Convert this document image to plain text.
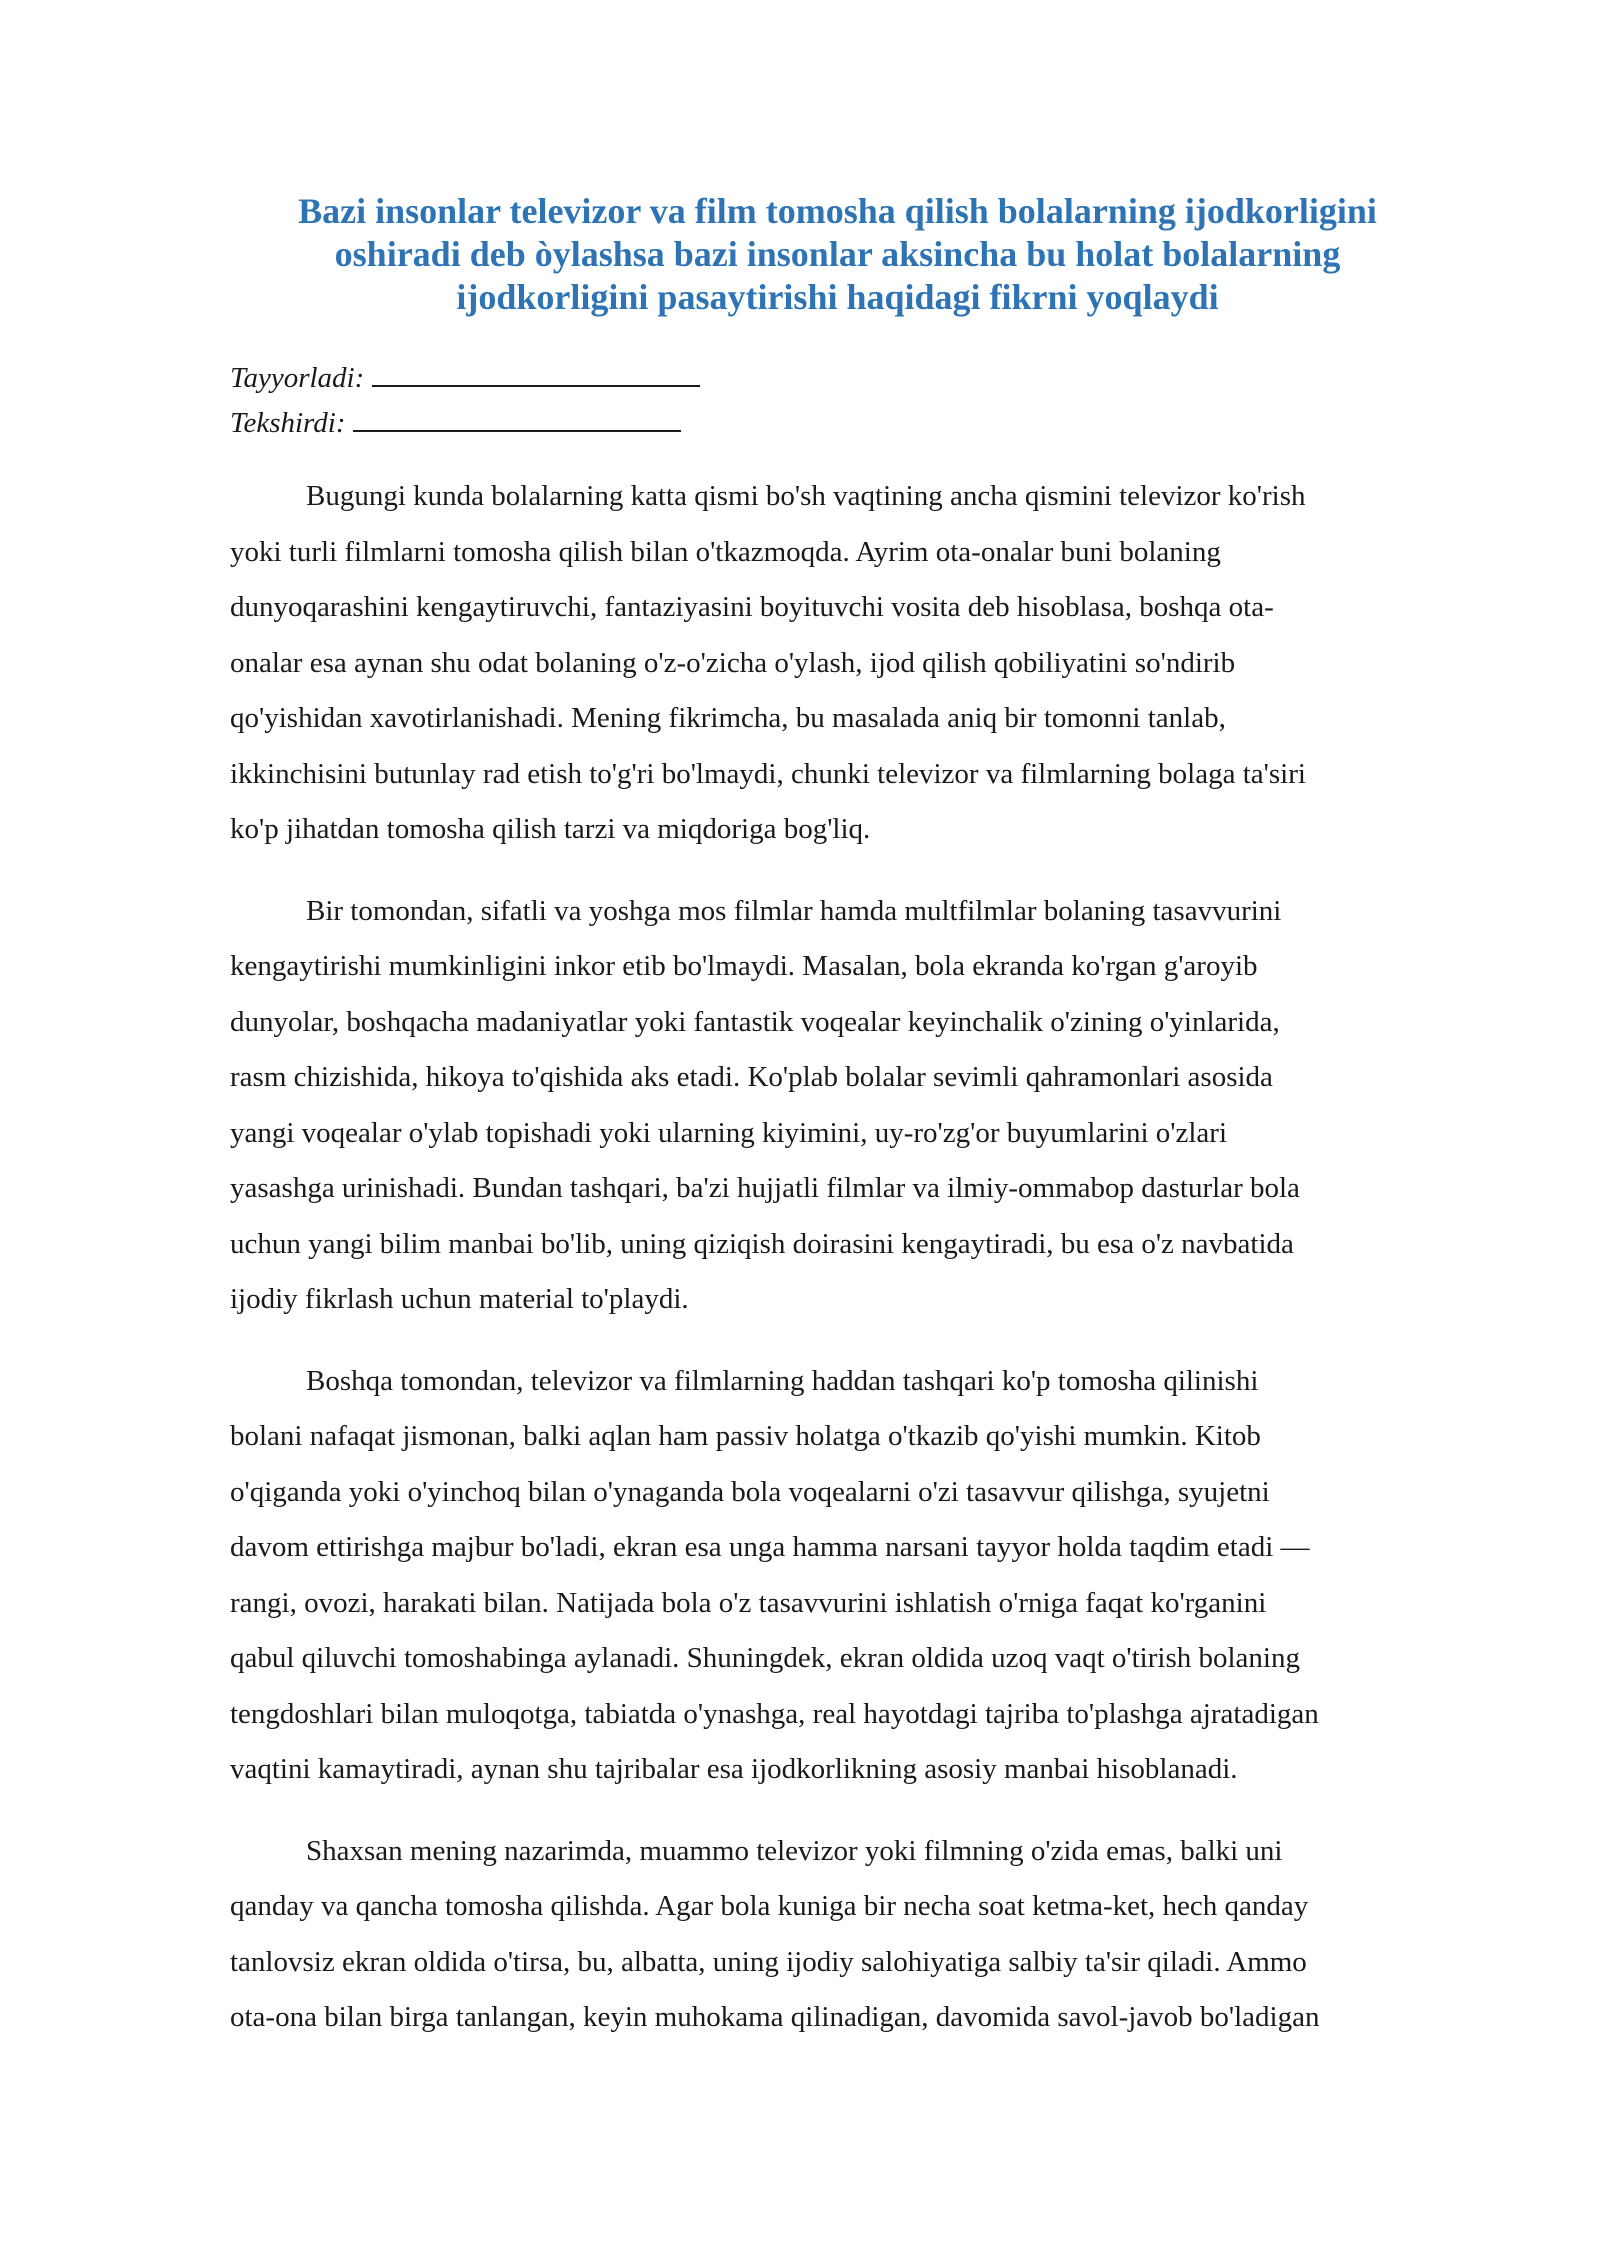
Bazi insonlar televizor va film tomosha qilish bolalarning ijodkorligini
oshiradi deb òylashsa bazi insonlar aksincha bu holat bolalarning
ijodkorligini pasaytirishi haqidagi fikrni yoqlaydi
Tayyorladi:
Tekshirdi:

Bugungi kunda bolalarning katta qismi bo'sh vaqtining ancha qismini televizor ko'rish
yoki turli filmlarni tomosha qilish bilan o'tkazmoqda. Ayrim ota-onalar buni bolaning
dunyoqarashini kengaytiruvchi, fantaziyasini boyituvchi vosita deb hisoblasa, boshqa ota-
onalar esa aynan shu odat bolaning o'z-o'zicha o'ylash, ijod qilish qobiliyatini so'ndirib
qo'yishidan xavotirlanishadi. Mening fikrimcha, bu masalada aniq bir tomonni tanlab,
ikkinchisini butunlay rad etish to'g'ri bo'lmaydi, chunki televizor va filmlarning bolaga ta'siri
ko'p jihatdan tomosha qilish tarzi va miqdoriga bog'liq.

Bir tomondan, sifatli va yoshga mos filmlar hamda multfilmlar bolaning tasavvurini
kengaytirishi mumkinligini inkor etib bo'lmaydi. Masalan, bola ekranda ko'rgan g'aroyib
dunyolar, boshqacha madaniyatlar yoki fantastik voqealar keyinchalik o'zining o'yinlarida,
rasm chizishida, hikoya to'qishida aks etadi. Ko'plab bolalar sevimli qahramonlari asosida
yangi voqealar o'ylab topishadi yoki ularning kiyimini, uy-ro'zg'or buyumlarini o'zlari
yasashga urinishadi. Bundan tashqari, ba'zi hujjatli filmlar va ilmiy-ommabop dasturlar bola
uchun yangi bilim manbai bo'lib, uning qiziqish doirasini kengaytiradi, bu esa o'z navbatida
ijodiy fikrlash uchun material to'playdi.

Boshqa tomondan, televizor va filmlarning haddan tashqari ko'p tomosha qilinishi
bolani nafaqat jismonan, balki aqlan ham passiv holatga o'tkazib qo'yishi mumkin. Kitob
o'qiganda yoki o'yinchoq bilan o'ynaganda bola voqealarni o'zi tasavvur qilishga, syujetni
davom ettirishga majbur bo'ladi, ekran esa unga hamma narsani tayyor holda taqdim etadi —
rangi, ovozi, harakati bilan. Natijada bola o'z tasavvurini ishlatish o'rniga faqat ko'rganini
qabul qiluvchi tomoshabinga aylanadi. Shuningdek, ekran oldida uzoq vaqt o'tirish bolaning
tengdoshlari bilan muloqotga, tabiatda o'ynashga, real hayotdagi tajriba to'plashga ajratadigan
vaqtini kamaytiradi, aynan shu tajribalar esa ijodkorlikning asosiy manbai hisoblanadi.

Shaxsan mening nazarimda, muammo televizor yoki filmning o'zida emas, balki uni
qanday va qancha tomosha qilishda. Agar bola kuniga bir necha soat ketma-ket, hech qanday
tanlovsiz ekran oldida o'tirsa, bu, albatta, uning ijodiy salohiyatiga salbiy ta'sir qiladi. Ammo
ota-ona bilan birga tanlangan, keyin muhokama qilinadigan, davomida savol-javob bo'ladigan
